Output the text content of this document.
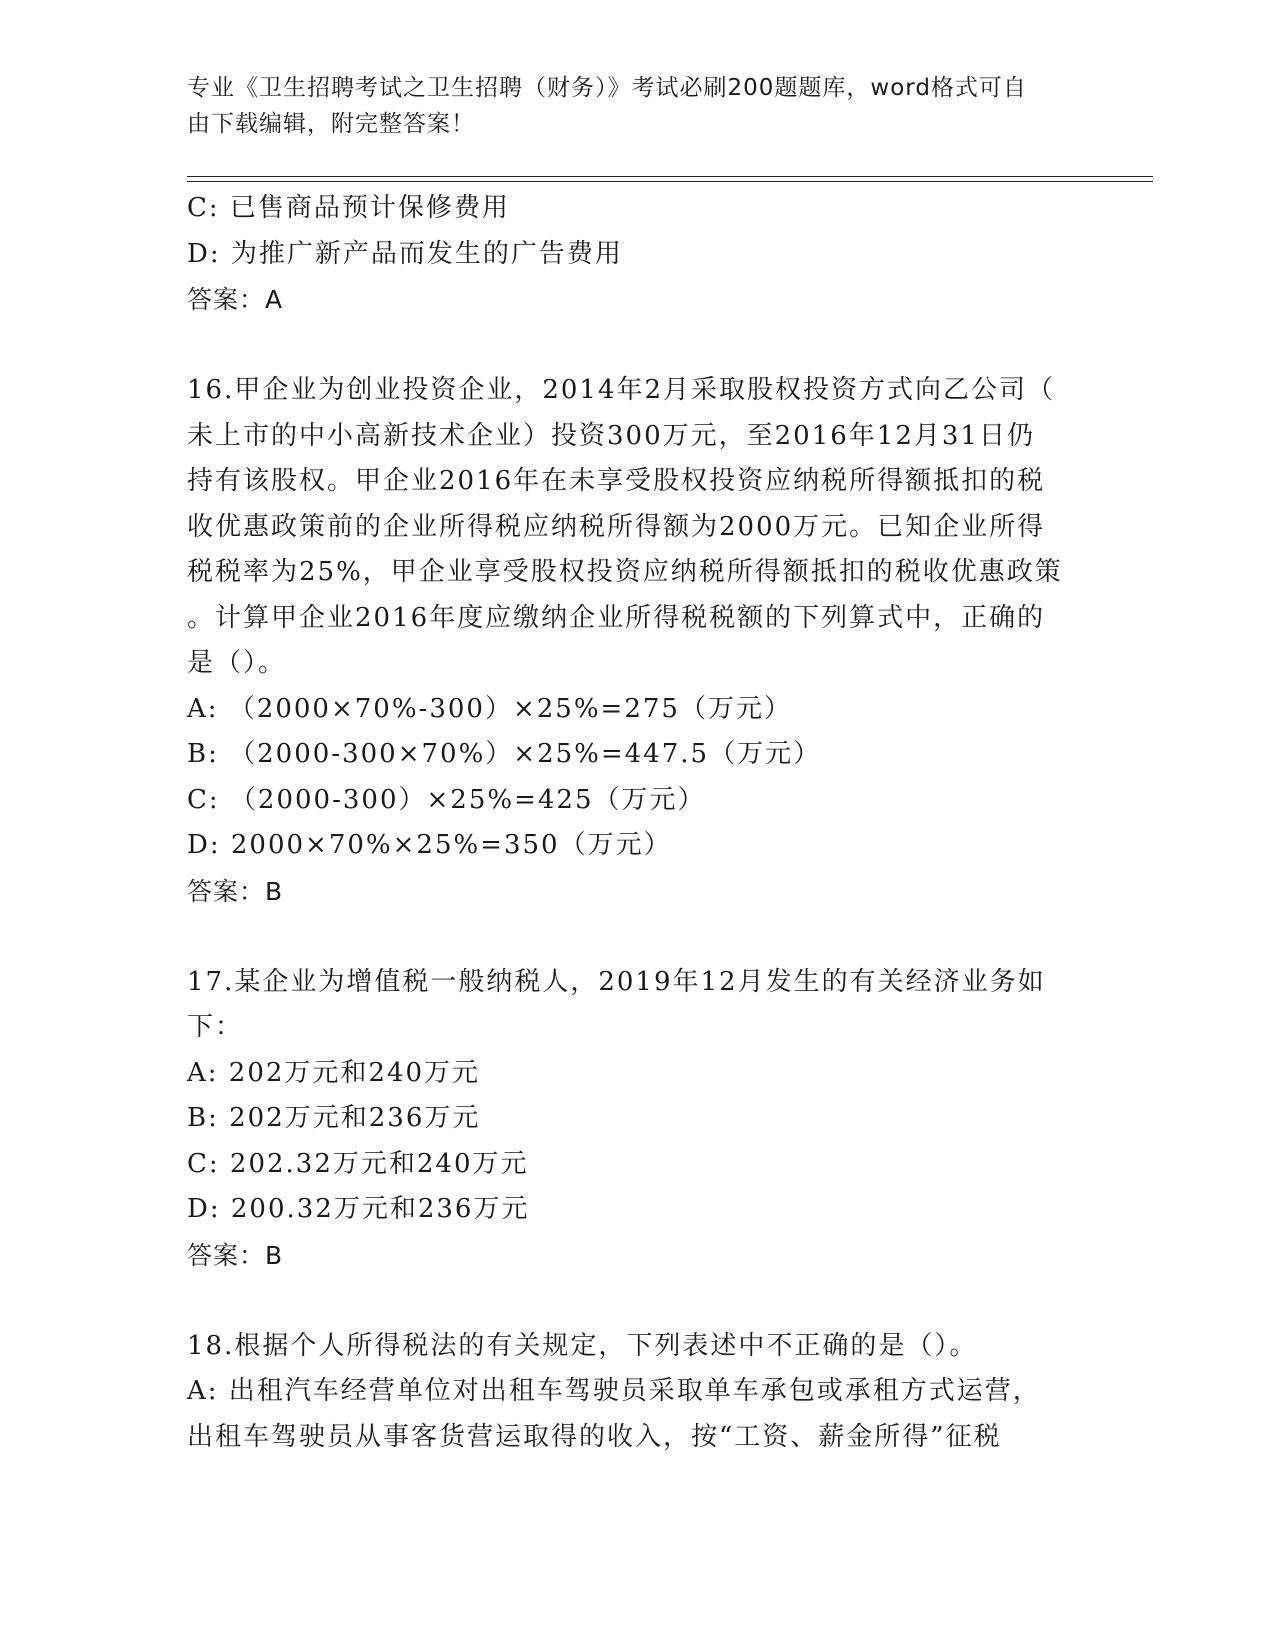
专业《卫生招聘考试之卫生招聘（财务）》考试必刷200题题库，word格式可自
由下载编辑，附完整答案！
C: 已售商品预计保修费用
D: 为推广新产品而发生的广告费用
答案：A
16.甲企业为创业投资企业，2014年2月采取股权投资方式向乙公司（
未上市的中小高新技术企业）投资300万元，至2016年12月31日仍
持有该股权。甲企业2016年在未享受股权投资应纳税所得额抵扣的税
收优惠政策前的企业所得税应纳税所得额为2000万元。已知企业所得
税税率为25%，甲企业享受股权投资应纳税所得额抵扣的税收优惠政策
。计算甲企业2016年度应缴纳企业所得税税额的下列算式中，正确的
是（）。
A: （2000×70%-300）×25%=275（万元）
B: （2000-300×70%）×25%=447.5（万元）
C: （2000-300）×25%=425（万元）
D: 2000×70%×25%=350（万元）
答案：B
17.某企业为增值税一般纳税人，2019年12月发生的有关经济业务如
下：
A: 202万元和240万元
B: 202万元和236万元
C: 202.32万元和240万元
D: 200.32万元和236万元
答案：B
18.根据个人所得税法的有关规定，下列表述中不正确的是（）。
A: 出租汽车经营单位对出租车驾驶员采取单车承包或承租方式运营，
出租车驾驶员从事客货营运取得的收入，按“工资、薪金所得”征税
